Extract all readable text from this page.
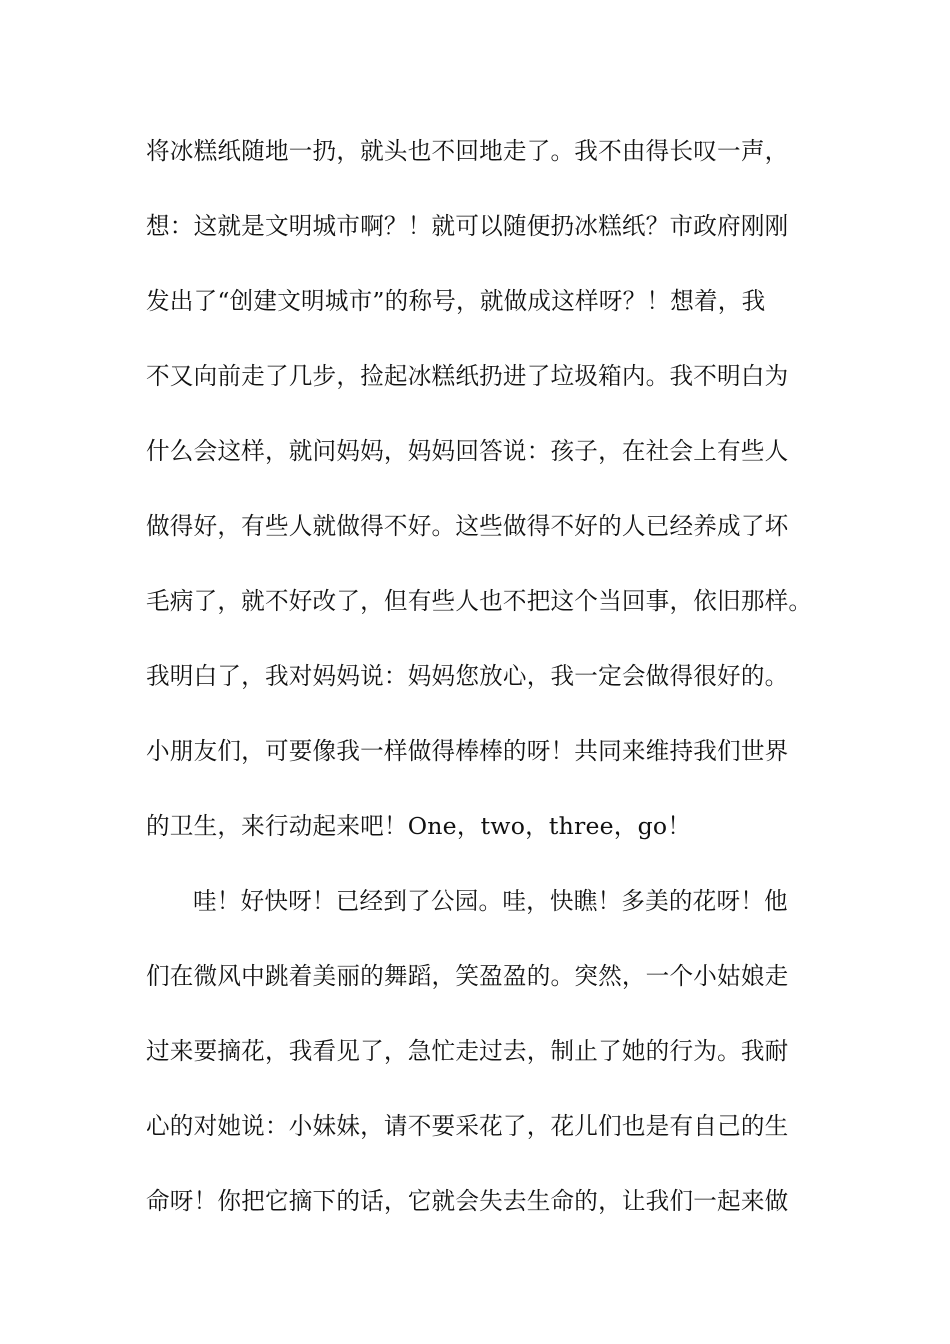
将冰糕纸随地一扔，就头也不回地走了。我不由得长叹一声，
想：这就是文明城市啊？！就可以随便扔冰糕纸？市政府刚刚
发出了“创建文明城市”的称号，就做成这样呀？！想着，我
不又向前走了几步，捡起冰糕纸扔进了垃圾箱内。我不明白为
什么会这样，就问妈妈，妈妈回答说：孩子，在社会上有些人
做得好，有些人就做得不好。这些做得不好的人已经养成了坏
毛病了，就不好改了，但有些人也不把这个当回事，依旧那样。
我明白了，我对妈妈说：妈妈您放心，我一定会做得很好的。
小朋友们，可要像我一样做得棒棒的呀！共同来维持我们世界
的卫生，来行动起来吧！One，two，three，go！
哇！好快呀！已经到了公园。哇，快瞧！多美的花呀！他
们在微风中跳着美丽的舞蹈，笑盈盈的。突然，一个小姑娘走
过来要摘花，我看见了，急忙走过去，制止了她的行为。我耐
心的对她说：小妹妹，请不要采花了，花儿们也是有自己的生
命呀！你把它摘下的话，它就会失去生命的，让我们一起来做
